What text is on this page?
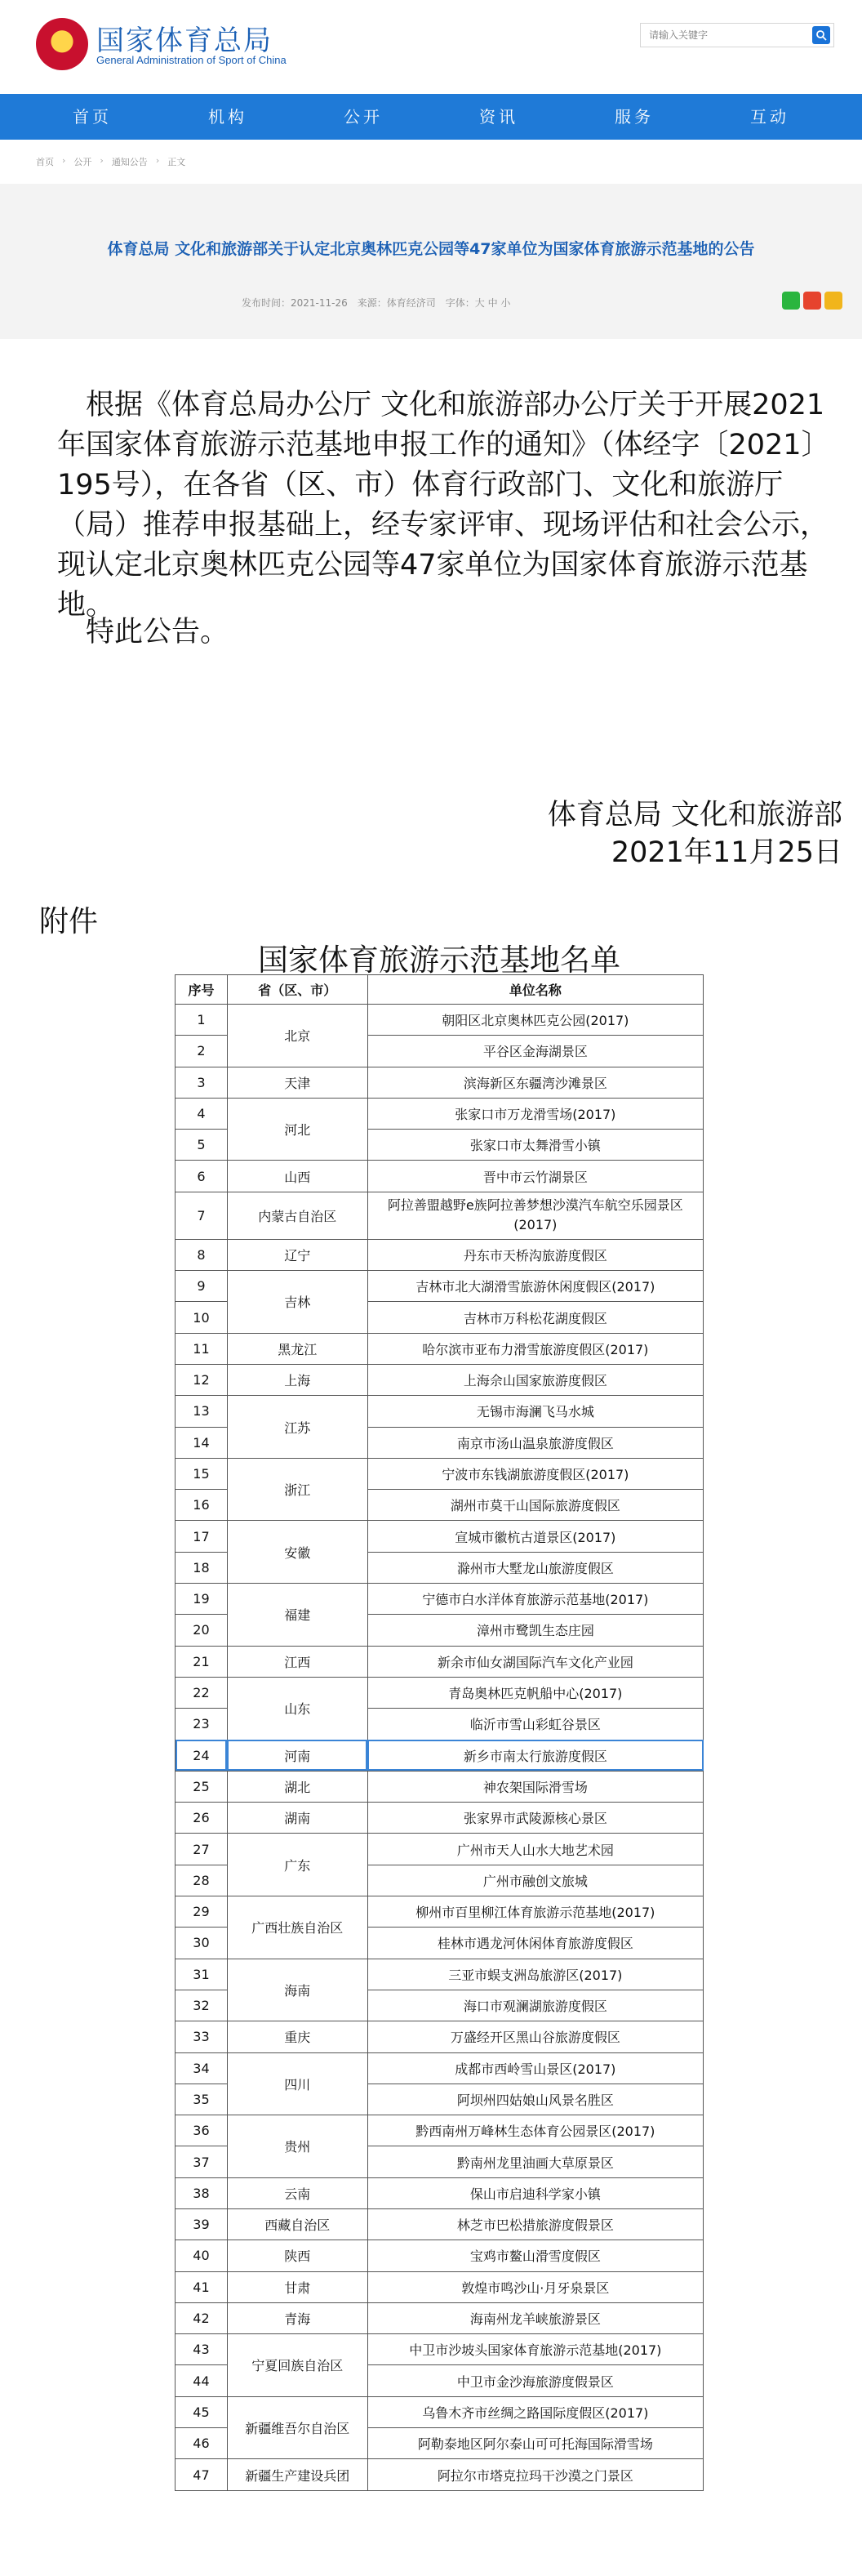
国家体育总局
General Administration of Sport of China
请输入关键字
首页	机构	公开	资讯	服务	互动
首页 › 公开 › 通知公告 › 正文
体育总局 文化和旅游部关于认定北京奥林匹克公园等47家单位为国家体育旅游示范基地的公告
发布时间：2021-11-26 来源：体育经济司 字体：大 中 小
根据《体育总局办公厅 文化和旅游部办公厅关于开展2021年国家体育旅游示范基地申报工作的通知》（体经字〔2021〕195号），在各省（区、市）体育行政部门、文化和旅游厅（局）推荐申报基础上，经专家评审、现场评估和社会公示，现认定北京奥林匹克公园等47家单位为国家体育旅游示范基地。
特此公告。
体育总局 文化和旅游部
2021年11月25日
附件
国家体育旅游示范基地名单
序号	省（区、市）	单位名称
1	北京	朝阳区北京奥林匹克公园(2017)
2		平谷区金海湖景区
3	天津	滨海新区东疆湾沙滩景区
4	河北	张家口市万龙滑雪场(2017)
5		张家口市太舞滑雪小镇
6	山西	晋中市云竹湖景区
7	内蒙古自治区	阿拉善盟越野e族阿拉善梦想沙漠汽车航空乐园景区(2017)
8	辽宁	丹东市天桥沟旅游度假区
9	吉林	吉林市北大湖滑雪旅游休闲度假区(2017)
10		吉林市万科松花湖度假区
11	黑龙江	哈尔滨市亚布力滑雪旅游度假区(2017)
12	上海	上海佘山国家旅游度假区
13	江苏	无锡市海澜飞马水城
14		南京市汤山温泉旅游度假区
15	浙江	宁波市东钱湖旅游度假区(2017)
16		湖州市莫干山国际旅游度假区
17	安徽	宣城市徽杭古道景区(2017)
18		滁州市大墅龙山旅游度假区
19	福建	宁德市白水洋体育旅游示范基地(2017)
20		漳州市鹭凯生态庄园
21	江西	新余市仙女湖国际汽车文化产业园
22	山东	青岛奥林匹克帆船中心(2017)
23		临沂市雪山彩虹谷景区
24	河南	新乡市南太行旅游度假区
25	湖北	神农架国际滑雪场
26	湖南	张家界市武陵源核心景区
27	广东	广州市天人山水大地艺术园
28		广州市融创文旅城
29	广西壮族自治区	柳州市百里柳江体育旅游示范基地(2017)
30		桂林市遇龙河休闲体育旅游度假区
31	海南	三亚市蜈支洲岛旅游区(2017)
32		海口市观澜湖旅游度假区
33	重庆	万盛经开区黑山谷旅游度假区
34	四川	成都市西岭雪山景区(2017)
35		阿坝州四姑娘山风景名胜区
36	贵州	黔西南州万峰林生态体育公园景区(2017)
37		黔南州龙里油画大草原景区
38	云南	保山市启迪科学家小镇
39	西藏自治区	林芝市巴松措旅游度假景区
40	陕西	宝鸡市鳌山滑雪度假区
41	甘肃	敦煌市鸣沙山·月牙泉景区
42	青海	海南州龙羊峡旅游景区
43	宁夏回族自治区	中卫市沙坡头国家体育旅游示范基地(2017)
44		中卫市金沙海旅游度假景区
45	新疆维吾尔自治区	乌鲁木齐市丝绸之路国际度假区(2017)
46		阿勒泰地区阿尔泰山可可托海国际滑雪场
47	新疆生产建设兵团	阿拉尔市塔克拉玛干沙漠之门景区
